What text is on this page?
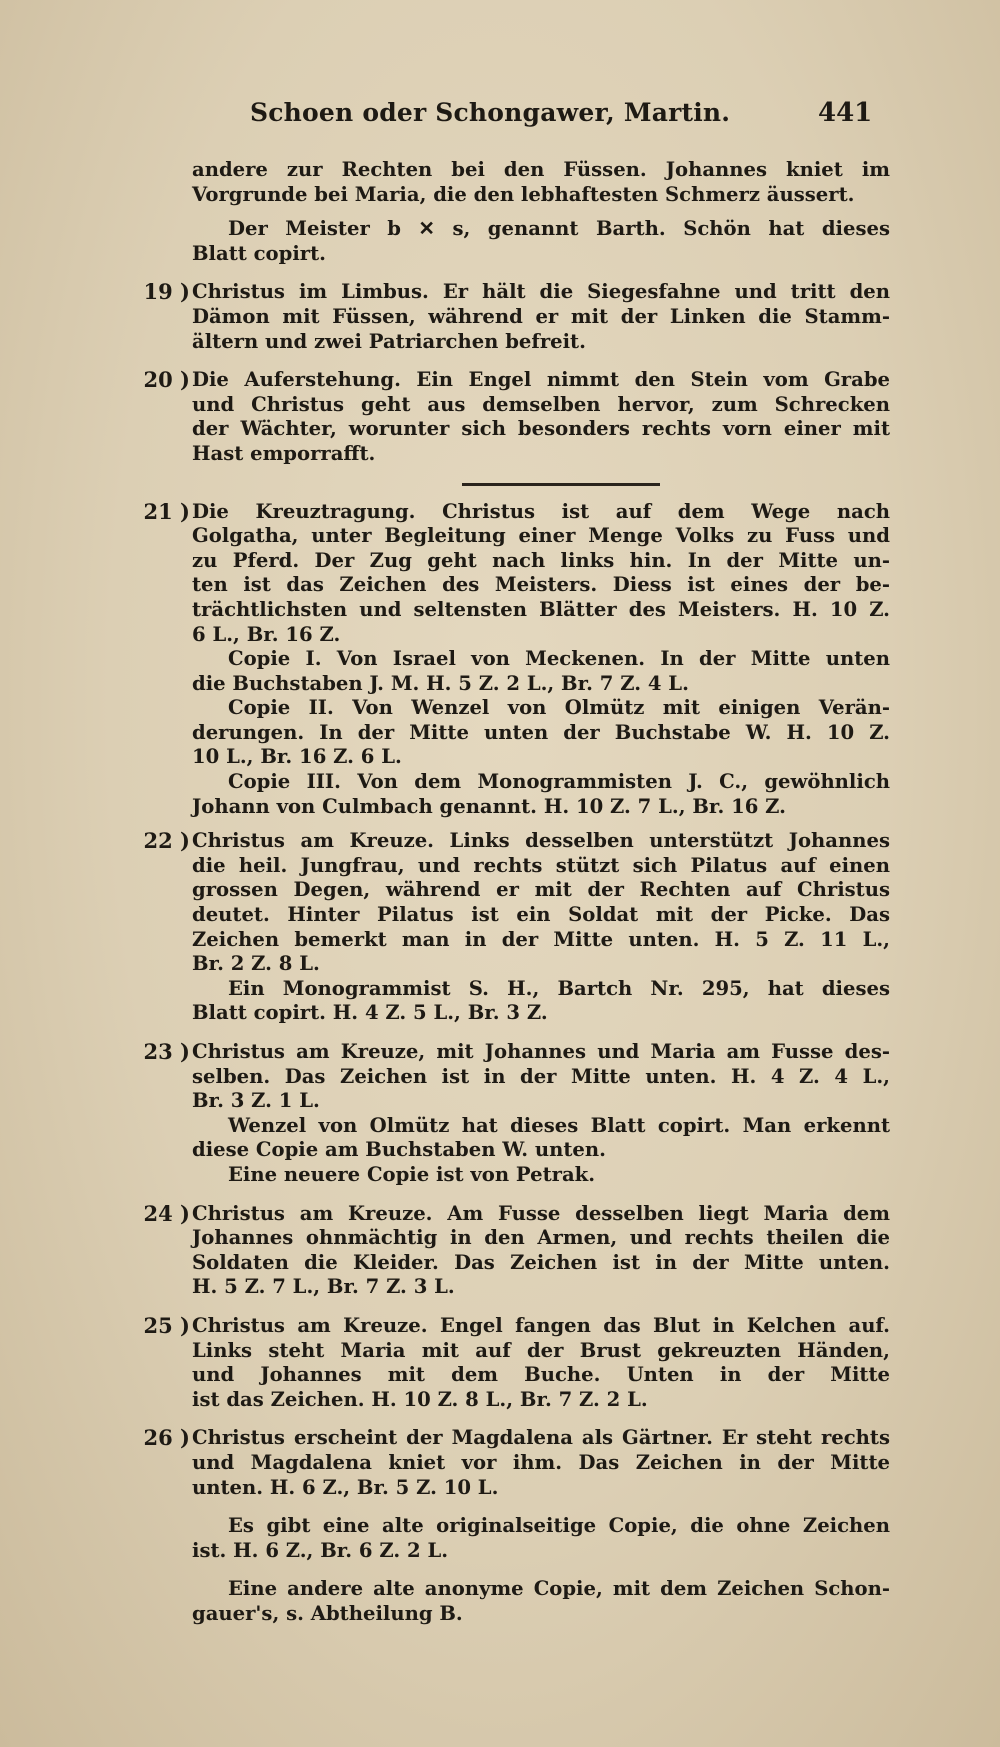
Schoen oder Schongawer, Martin.	441
andere zur Rechten bei den Füssen. Johannes kniet im
Vorgrunde bei Maria, die den lebhaftesten Schmerz äussert.
Der Meister b ✕ s, genannt Barth. Schön hat dieses
Blatt copirt.
19 ) Christus im Limbus. Er hält die Siegesfahne und tritt den
Dämon mit Füssen, während er mit der Linken die Stamm-
ältern und zwei Patriarchen befreit.
20 ) Die Auferstehung. Ein Engel nimmt den Stein vom Grabe
und Christus geht aus demselben hervor, zum Schrecken
der Wächter, worunter sich besonders rechts vorn einer mit
Hast emporrafft.
21 ) Die Kreuztragung. Christus ist auf dem Wege nach
Golgatha, unter Begleitung einer Menge Volks zu Fuss und
zu Pferd. Der Zug geht nach links hin. In der Mitte un-
ten ist das Zeichen des Meisters. Diess ist eines der be-
trächtlichsten und seltensten Blätter des Meisters. H. 10 Z.
6 L., Br. 16 Z.
Copie I. Von Israel von Meckenen. In der Mitte unten
die Buchstaben J. M. H. 5 Z. 2 L., Br. 7 Z. 4 L.
Copie II. Von Wenzel von Olmütz mit einigen Verän-
derungen. In der Mitte unten der Buchstabe W. H. 10 Z.
10 L., Br. 16 Z. 6 L.
Copie III. Von dem Monogrammisten J. C., gewöhnlich
Johann von Culmbach genannt. H. 10 Z. 7 L., Br. 16 Z.
22 ) Christus am Kreuze. Links desselben unterstützt Johannes
die heil. Jungfrau, und rechts stützt sich Pilatus auf einen
grossen Degen, während er mit der Rechten auf Christus
deutet. Hinter Pilatus ist ein Soldat mit der Picke. Das
Zeichen bemerkt man in der Mitte unten. H. 5 Z. 11 L.,
Br. 2 Z. 8 L.
Ein Monogrammist S. H., Bartch Nr. 295, hat dieses
Blatt copirt. H. 4 Z. 5 L., Br. 3 Z.
23 ) Christus am Kreuze, mit Johannes und Maria am Fusse des-
selben. Das Zeichen ist in der Mitte unten. H. 4 Z. 4 L.,
Br. 3 Z. 1 L.
Wenzel von Olmütz hat dieses Blatt copirt. Man erkennt
diese Copie am Buchstaben W. unten.
Eine neuere Copie ist von Petrak.
24 ) Christus am Kreuze. Am Fusse desselben liegt Maria dem
Johannes ohnmächtig in den Armen, und rechts theilen die
Soldaten die Kleider. Das Zeichen ist in der Mitte unten.
H. 5 Z. 7 L., Br. 7 Z. 3 L.
25 ) Christus am Kreuze. Engel fangen das Blut in Kelchen auf.
Links steht Maria mit auf der Brust gekreuzten Händen,
und Johannes mit dem Buche. Unten in der Mitte
ist das Zeichen. H. 10 Z. 8 L., Br. 7 Z. 2 L.
26 ) Christus erscheint der Magdalena als Gärtner. Er steht rechts
und Magdalena kniet vor ihm. Das Zeichen in der Mitte
unten. H. 6 Z., Br. 5 Z. 10 L.
Es gibt eine alte originalseitige Copie, die ohne Zeichen
ist. H. 6 Z., Br. 6 Z. 2 L.
Eine andere alte anonyme Copie, mit dem Zeichen Schon-
gauer's, s. Abtheilung B.
